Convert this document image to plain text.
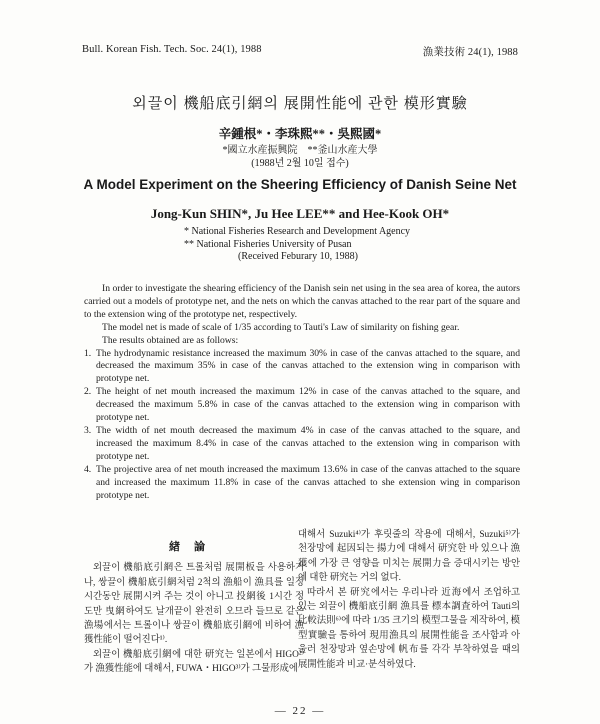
Bull. Korean Fish. Tech. Soc. 24(1), 1988	漁業技術 24(1), 1988
외끌이 機船底引網의 展開性能에 관한 模形實驗
辛鍾根*・李珠熙**・吳熙國*
*國立水産振興院　**釜山水産大學
(1988년 2월 10일 접수)
A Model Experiment on the Sheering Efficiency of Danish Seine Net
Jong-Kun SHIN*, Ju Hee LEE** and Hee-Kook OH*
* National Fisheries Research and Development Agency
** National Fisheries University of Pusan
(Received Feburary 10, 1988)

In order to investigate the shearing efficiency of the Danish sein net using in the sea area of korea, the autors carried out a models of prototype net, and the nets on which the canvas attached to the rear part of the square and to the extension wing of the prototype net, respectively.

The model net is made of scale of 1/35 according to Tauti's Law of similarity on fishing gear.

The results obtained are as follows:

1. The hydrodynamic resistance increased the maximum 30% in case of the canvas attached to the square, and decreased the maximum 35% in case of the canvas attached to the extension wing in comparison with prototype net.
2. The height of net mouth increased the maximum 12% in case of the canvas attached to the square, and decreased the maximum 5.8% in case of the canvas attached to the extension wing in comparison with prototype net.
3. The width of net mouth decreased the maximum 4% in case of the canvas attached to the square, and increased the maximum 8.4% in case of the canvas attached to the extension wing in comparison with prototype net.
4. The projective area of net mouth increased the maximum 13.6% in case of the canvas attached to the square and increased the maximum 11.8% in case of the canvas attached to she extension wing in comparison prototype net.
緖論

외끌이 機船底引網은 트롤처럼 展開板을 사용하거나, 쌍끌이 機船底引網처럼 2척의 漁船이 漁具를 일정 시간동안 展開시켜 주는 것이 아니고 投網後 1시간 정도만 曳網하여도 날개끝이 완전히 오므라 들므로 같은 漁場에서는 트롤이나 쌍끌이 機船底引網에 비하여 漁獲性能이 떨어진다¹⁾.

외끌이 機船底引網에 대한 研究는 일본에서 HIGO²⁾가 漁獲性能에 대해서, FUWA・HIGO³⁾가 그물形成에

대해서 Suzuki⁴⁾가 후릿줄의 작용에 대해서, Suzuki⁵⁾가 천장망에 起因되는 揚力에 대해서 研究한 바 있으나 漁獲에 가장 큰 영향을 미치는 展開力을 증대시키는 방안에 대한 研究는 거의 없다.

따라서 본 研究에서는 우리나라 近海에서 조업하고 있는 외끌이 機船底引網 漁具를 標本調査하여 Tauti의 比較法則⁶⁾에 따라 1/35 크기의 模型그물을 제작하여, 模型實驗을 통하여 現用漁具의 展開性能을 조사함과 아울러 천장망과 옆손망에 帆布를 각각 부착하였을 때의 展開性能과 비교·분석하였다.

— 22 —
